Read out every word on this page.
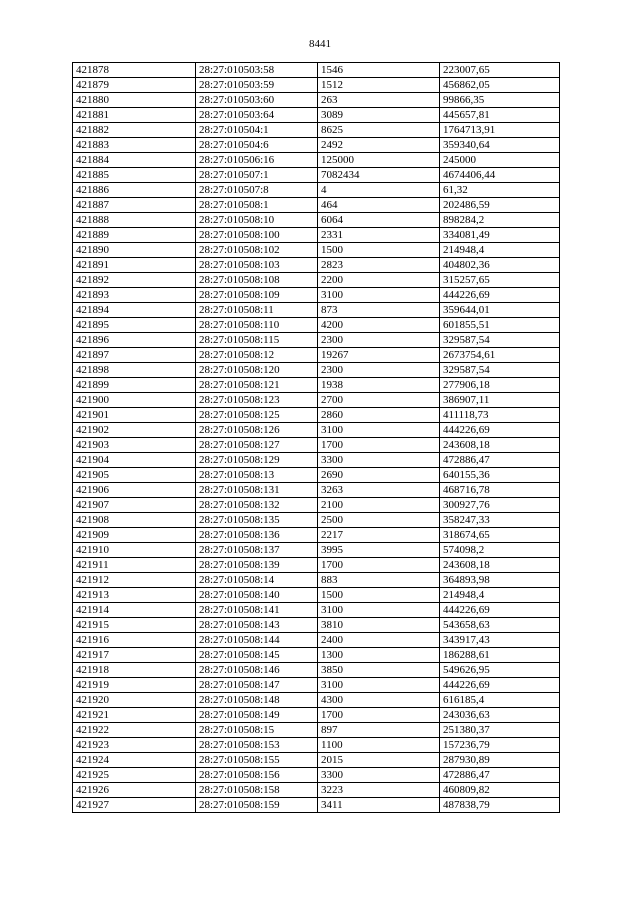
8441
421878	28:27:010503:58	1546	223007,65
421879	28:27:010503:59	1512	456862,05
421880	28:27:010503:60	263	99866,35
421881	28:27:010503:64	3089	445657,81
421882	28:27:010504:1	8625	1764713,91
421883	28:27:010504:6	2492	359340,64
421884	28:27:010506:16	125000	245000
421885	28:27:010507:1	7082434	4674406,44
421886	28:27:010507:8	4	61,32
421887	28:27:010508:1	464	202486,59
421888	28:27:010508:10	6064	898284,2
421889	28:27:010508:100	2331	334081,49
421890	28:27:010508:102	1500	214948,4
421891	28:27:010508:103	2823	404802,36
421892	28:27:010508:108	2200	315257,65
421893	28:27:010508:109	3100	444226,69
421894	28:27:010508:11	873	359644,01
421895	28:27:010508:110	4200	601855,51
421896	28:27:010508:115	2300	329587,54
421897	28:27:010508:12	19267	2673754,61
421898	28:27:010508:120	2300	329587,54
421899	28:27:010508:121	1938	277906,18
421900	28:27:010508:123	2700	386907,11
421901	28:27:010508:125	2860	411118,73
421902	28:27:010508:126	3100	444226,69
421903	28:27:010508:127	1700	243608,18
421904	28:27:010508:129	3300	472886,47
421905	28:27:010508:13	2690	640155,36
421906	28:27:010508:131	3263	468716,78
421907	28:27:010508:132	2100	300927,76
421908	28:27:010508:135	2500	358247,33
421909	28:27:010508:136	2217	318674,65
421910	28:27:010508:137	3995	574098,2
421911	28:27:010508:139	1700	243608,18
421912	28:27:010508:14	883	364893,98
421913	28:27:010508:140	1500	214948,4
421914	28:27:010508:141	3100	444226,69
421915	28:27:010508:143	3810	543658,63
421916	28:27:010508:144	2400	343917,43
421917	28:27:010508:145	1300	186288,61
421918	28:27:010508:146	3850	549626,95
421919	28:27:010508:147	3100	444226,69
421920	28:27:010508:148	4300	616185,4
421921	28:27:010508:149	1700	243036,63
421922	28:27:010508:15	897	251380,37
421923	28:27:010508:153	1100	157236,79
421924	28:27:010508:155	2015	287930,89
421925	28:27:010508:156	3300	472886,47
421926	28:27:010508:158	3223	460809,82
421927	28:27:010508:159	3411	487838,79
